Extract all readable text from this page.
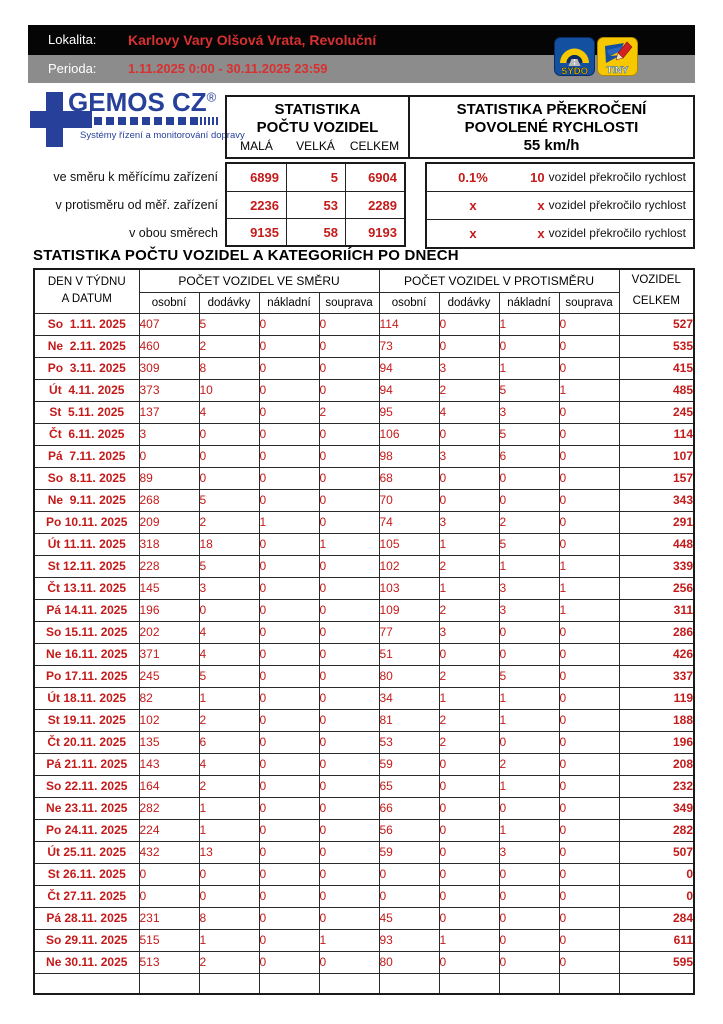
Lokalita: Karlovy Vary Olšová Vrata, Revoluční
Perioda: 1.11.2025 0:00 - 30.11.2025 23:59	SYDO TINY
GEMOS CZ®
Systémy řízení a monitorování dopravy
STATISTIKA
POČTU VOZIDEL
MALÁ	VELKÁ	CELKEM
STATISTIKA PŘEKROČENÍ
POVOLENÉ RYCHLOSTI
55 km/h
ve směru k měřícímu zařízení
v protisměru od měř. zařízení
v obou směrech
6899	5	6904
2236	53	2289
9135	58	9193
0.1%	10 vozidel překročilo rychlost
x	x vozidel překročilo rychlost
x	x vozidel překročilo rychlost
STATISTIKA POČTU VOZIDEL A KATEGORIÍCH PO DNECH
DEN V TÝDNU
A DATUM	POČET VOZIDEL VE SMĚRU				POČET VOZIDEL V PROTISMĚRU				VOZIDEL
CELKEM
	osobní	dodávky	nákladní	souprava	osobní	dodávky	nákladní	souprava	
So  1.11. 2025	407	5	0	0	114	0	1	0	527
Ne  2.11. 2025	460	2	0	0	73	0	0	0	535
Po  3.11. 2025	309	8	0	0	94	3	1	0	415
Út  4.11. 2025	373	10	0	0	94	2	5	1	485
St  5.11. 2025	137	4	0	2	95	4	3	0	245
Čt  6.11. 2025	3	0	0	0	106	0	5	0	114
Pá  7.11. 2025	0	0	0	0	98	3	6	0	107
So  8.11. 2025	89	0	0	0	68	0	0	0	157
Ne  9.11. 2025	268	5	0	0	70	0	0	0	343
Po 10.11. 2025	209	2	1	0	74	3	2	0	291
Út 11.11. 2025	318	18	0	1	105	1	5	0	448
St 12.11. 2025	228	5	0	0	102	2	1	1	339
Čt 13.11. 2025	145	3	0	0	103	1	3	1	256
Pá 14.11. 2025	196	0	0	0	109	2	3	1	311
So 15.11. 2025	202	4	0	0	77	3	0	0	286
Ne 16.11. 2025	371	4	0	0	51	0	0	0	426
Po 17.11. 2025	245	5	0	0	80	2	5	0	337
Út 18.11. 2025	82	1	0	0	34	1	1	0	119
St 19.11. 2025	102	2	0	0	81	2	1	0	188
Čt 20.11. 2025	135	6	0	0	53	2	0	0	196
Pá 21.11. 2025	143	4	0	0	59	0	2	0	208
So 22.11. 2025	164	2	0	0	65	0	1	0	232
Ne 23.11. 2025	282	1	0	0	66	0	0	0	349
Po 24.11. 2025	224	1	0	0	56	0	1	0	282
Út 25.11. 2025	432	13	0	0	59	0	3	0	507
St 26.11. 2025	0	0	0	0	0	0	0	0	0
Čt 27.11. 2025	0	0	0	0	0	0	0	0	0
Pá 28.11. 2025	231	8	0	0	45	0	0	0	284
So 29.11. 2025	515	1	0	1	93	1	0	0	611
Ne 30.11. 2025	513	2	0	0	80	0	0	0	595
